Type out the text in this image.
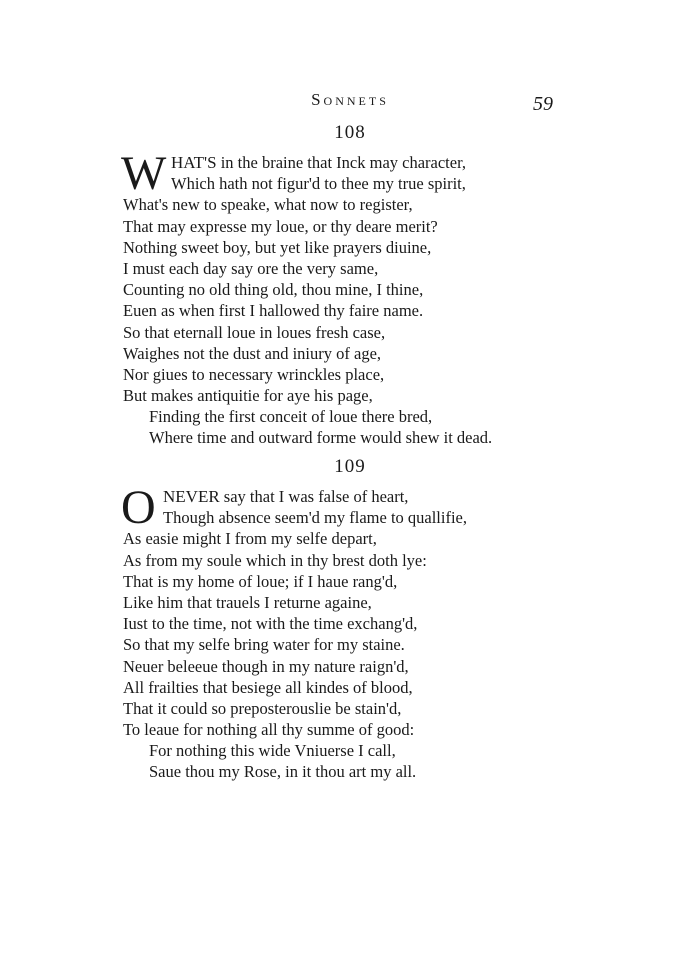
Sonnets	59
108
W HAT'S in the braine that Inck may character,
Which hath not figur'd to thee my true spirit,
What's new to speake, what now to register,
That may expresse my loue, or thy deare merit?
Nothing sweet boy, but yet like prayers diuine,
I must each day say ore the very same,
Counting no old thing old, thou mine, I thine,
Euen as when first I hallowed thy faire name.
So that eternall loue in loues fresh case,
Waighes not the dust and iniury of age,
Nor giues to necessary wrinckles place,
But makes antiquitie for aye his page,
Finding the first conceit of loue there bred,
Where time and outward forme would shew it dead.
109
O NEVER say that I was false of heart,
Though absence seem'd my flame to quallifie,
As easie might I from my selfe depart,
As from my soule which in thy brest doth lye:
That is my home of loue; if I haue rang'd,
Like him that trauels I returne againe,
Iust to the time, not with the time exchang'd,
So that my selfe bring water for my staine.
Neuer beleeue though in my nature raign'd,
All frailties that besiege all kindes of blood,
That it could so preposterouslie be stain'd,
To leaue for nothing all thy summe of good:
For nothing this wide Vniuerse I call,
Saue thou my Rose, in it thou art my all.
